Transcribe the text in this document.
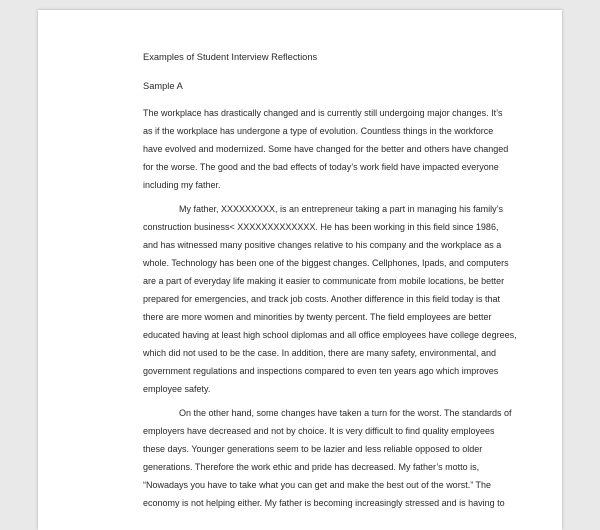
Examples of Student Interview Reflections
Sample A
The workplace has drastically changed and is currently still undergoing major changes. It’s
as if the workplace has undergone a type of evolution. Countless things in the workforce
have evolved and modernized. Some have changed for the better and others have changed
for the worse. The good and the bad effects of today’s work field have impacted everyone
including my father.
My father, XXXXXXXXX, is an entrepreneur taking a part in managing his family’s
construction business< XXXXXXXXXXXXX. He has been working in this field since 1986,
and has witnessed many positive changes relative to his company and the workplace as a
whole. Technology has been one of the biggest changes. Cellphones, Ipads, and computers
are a part of everyday life making it easier to communicate from mobile locations, be better
prepared for emergencies, and track job costs. Another difference in this field today is that
there are more women and minorities by twenty percent. The field employees are better
educated having at least high school diplomas and all office employees have college degrees,
which did not used to be the case. In addition, there are many safety, environmental, and
government regulations and inspections compared to even ten years ago which improves
employee safety.
On the other hand, some changes have taken a turn for the worst. The standards of
employers have decreased and not by choice. It is very difficult to find quality employees
these days. Younger generations seem to be lazier and less reliable opposed to older
generations. Therefore the work ethic and pride has decreased. My father’s motto is,
“Nowadays you have to take what you can get and make the best out of the worst.” The
economy is not helping either. My father is becoming increasingly stressed and is having to
